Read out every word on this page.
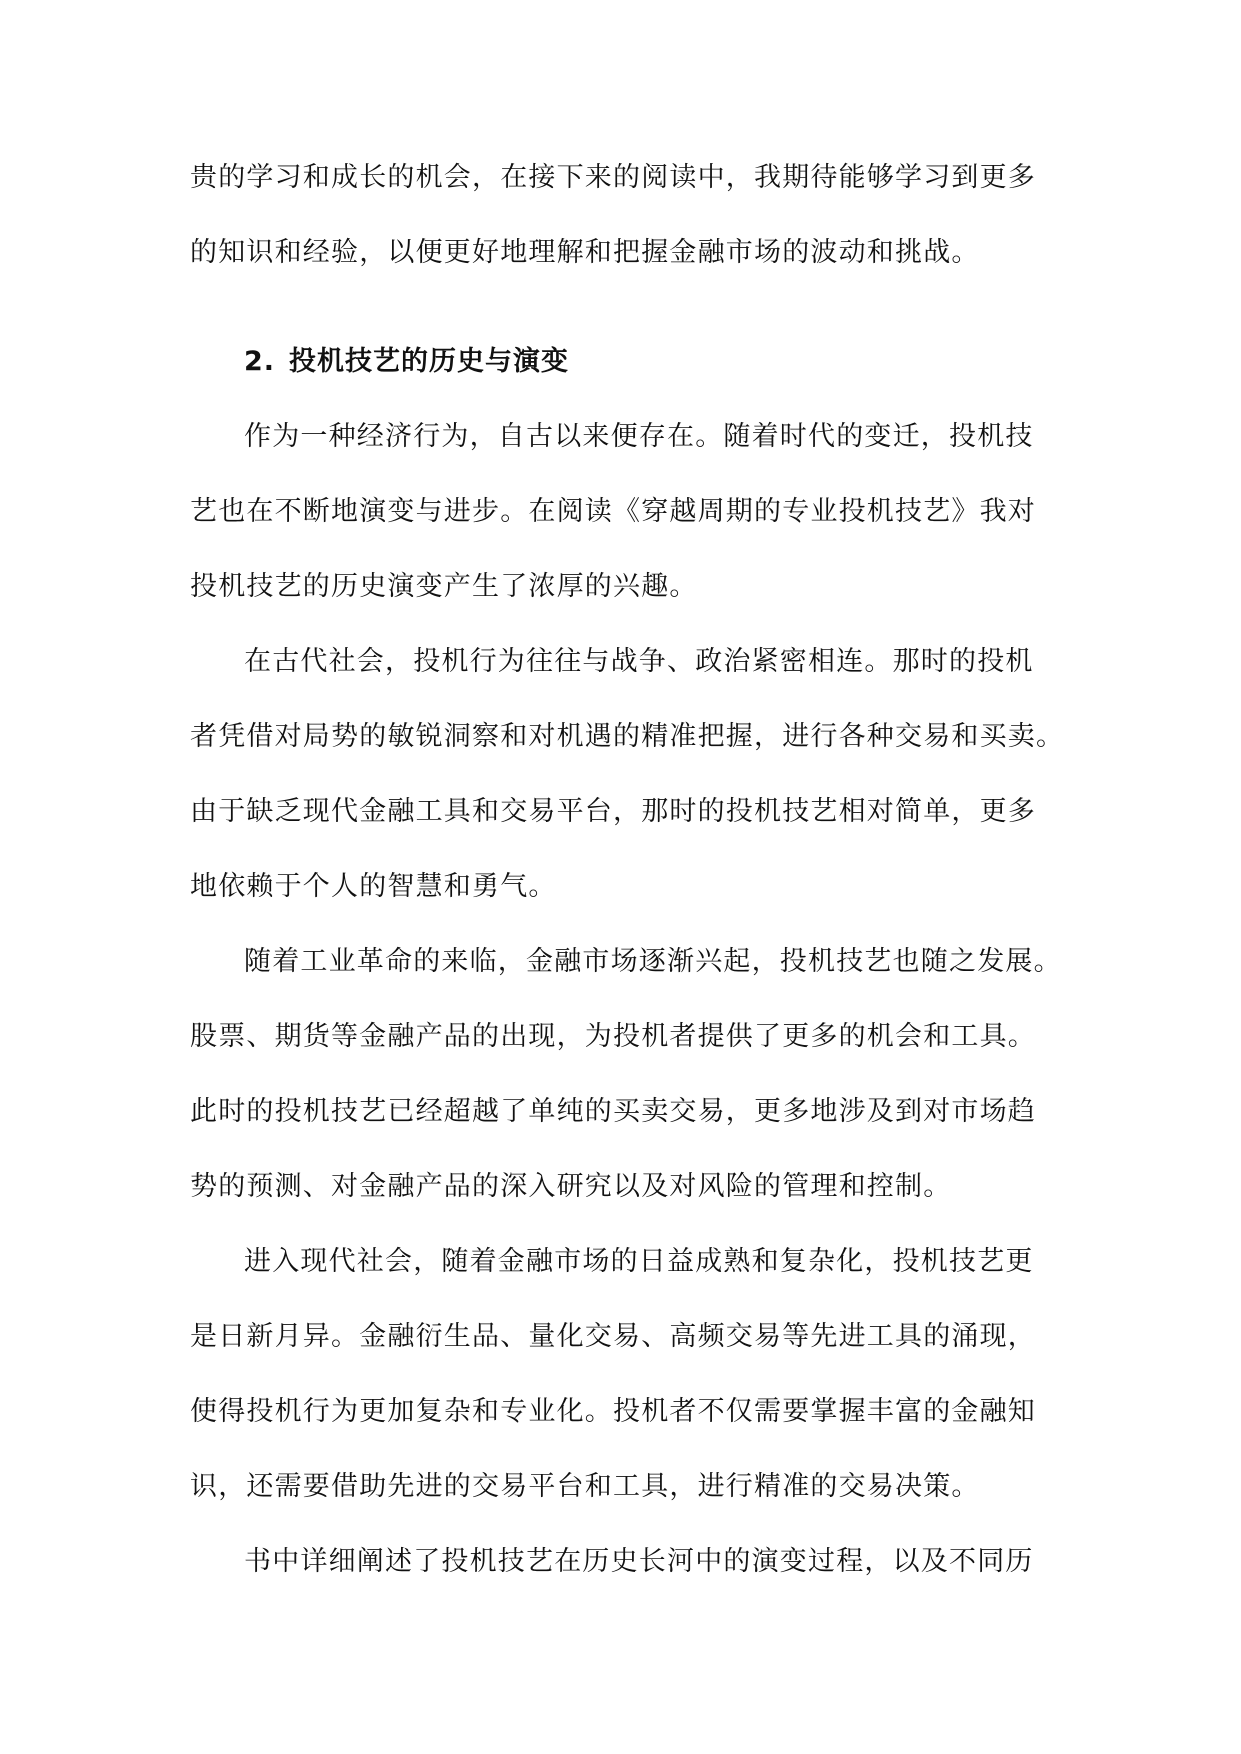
贵的学习和成长的机会，在接下来的阅读中，我期待能够学习到更多
的知识和经验，以便更好地理解和把握金融市场的波动和挑战。
2. 投机技艺的历史与演变
作为一种经济行为，自古以来便存在。随着时代的变迁，投机技
艺也在不断地演变与进步。在阅读《穿越周期的专业投机技艺》我对
投机技艺的历史演变产生了浓厚的兴趣。
在古代社会，投机行为往往与战争、政治紧密相连。那时的投机
者凭借对局势的敏锐洞察和对机遇的精准把握，进行各种交易和买卖。
由于缺乏现代金融工具和交易平台，那时的投机技艺相对简单，更多
地依赖于个人的智慧和勇气。
随着工业革命的来临，金融市场逐渐兴起，投机技艺也随之发展。
股票、期货等金融产品的出现，为投机者提供了更多的机会和工具。
此时的投机技艺已经超越了单纯的买卖交易，更多地涉及到对市场趋
势的预测、对金融产品的深入研究以及对风险的管理和控制。
进入现代社会，随着金融市场的日益成熟和复杂化，投机技艺更
是日新月异。金融衍生品、量化交易、高频交易等先进工具的涌现，
使得投机行为更加复杂和专业化。投机者不仅需要掌握丰富的金融知
识，还需要借助先进的交易平台和工具，进行精准的交易决策。
书中详细阐述了投机技艺在历史长河中的演变过程，以及不同历
